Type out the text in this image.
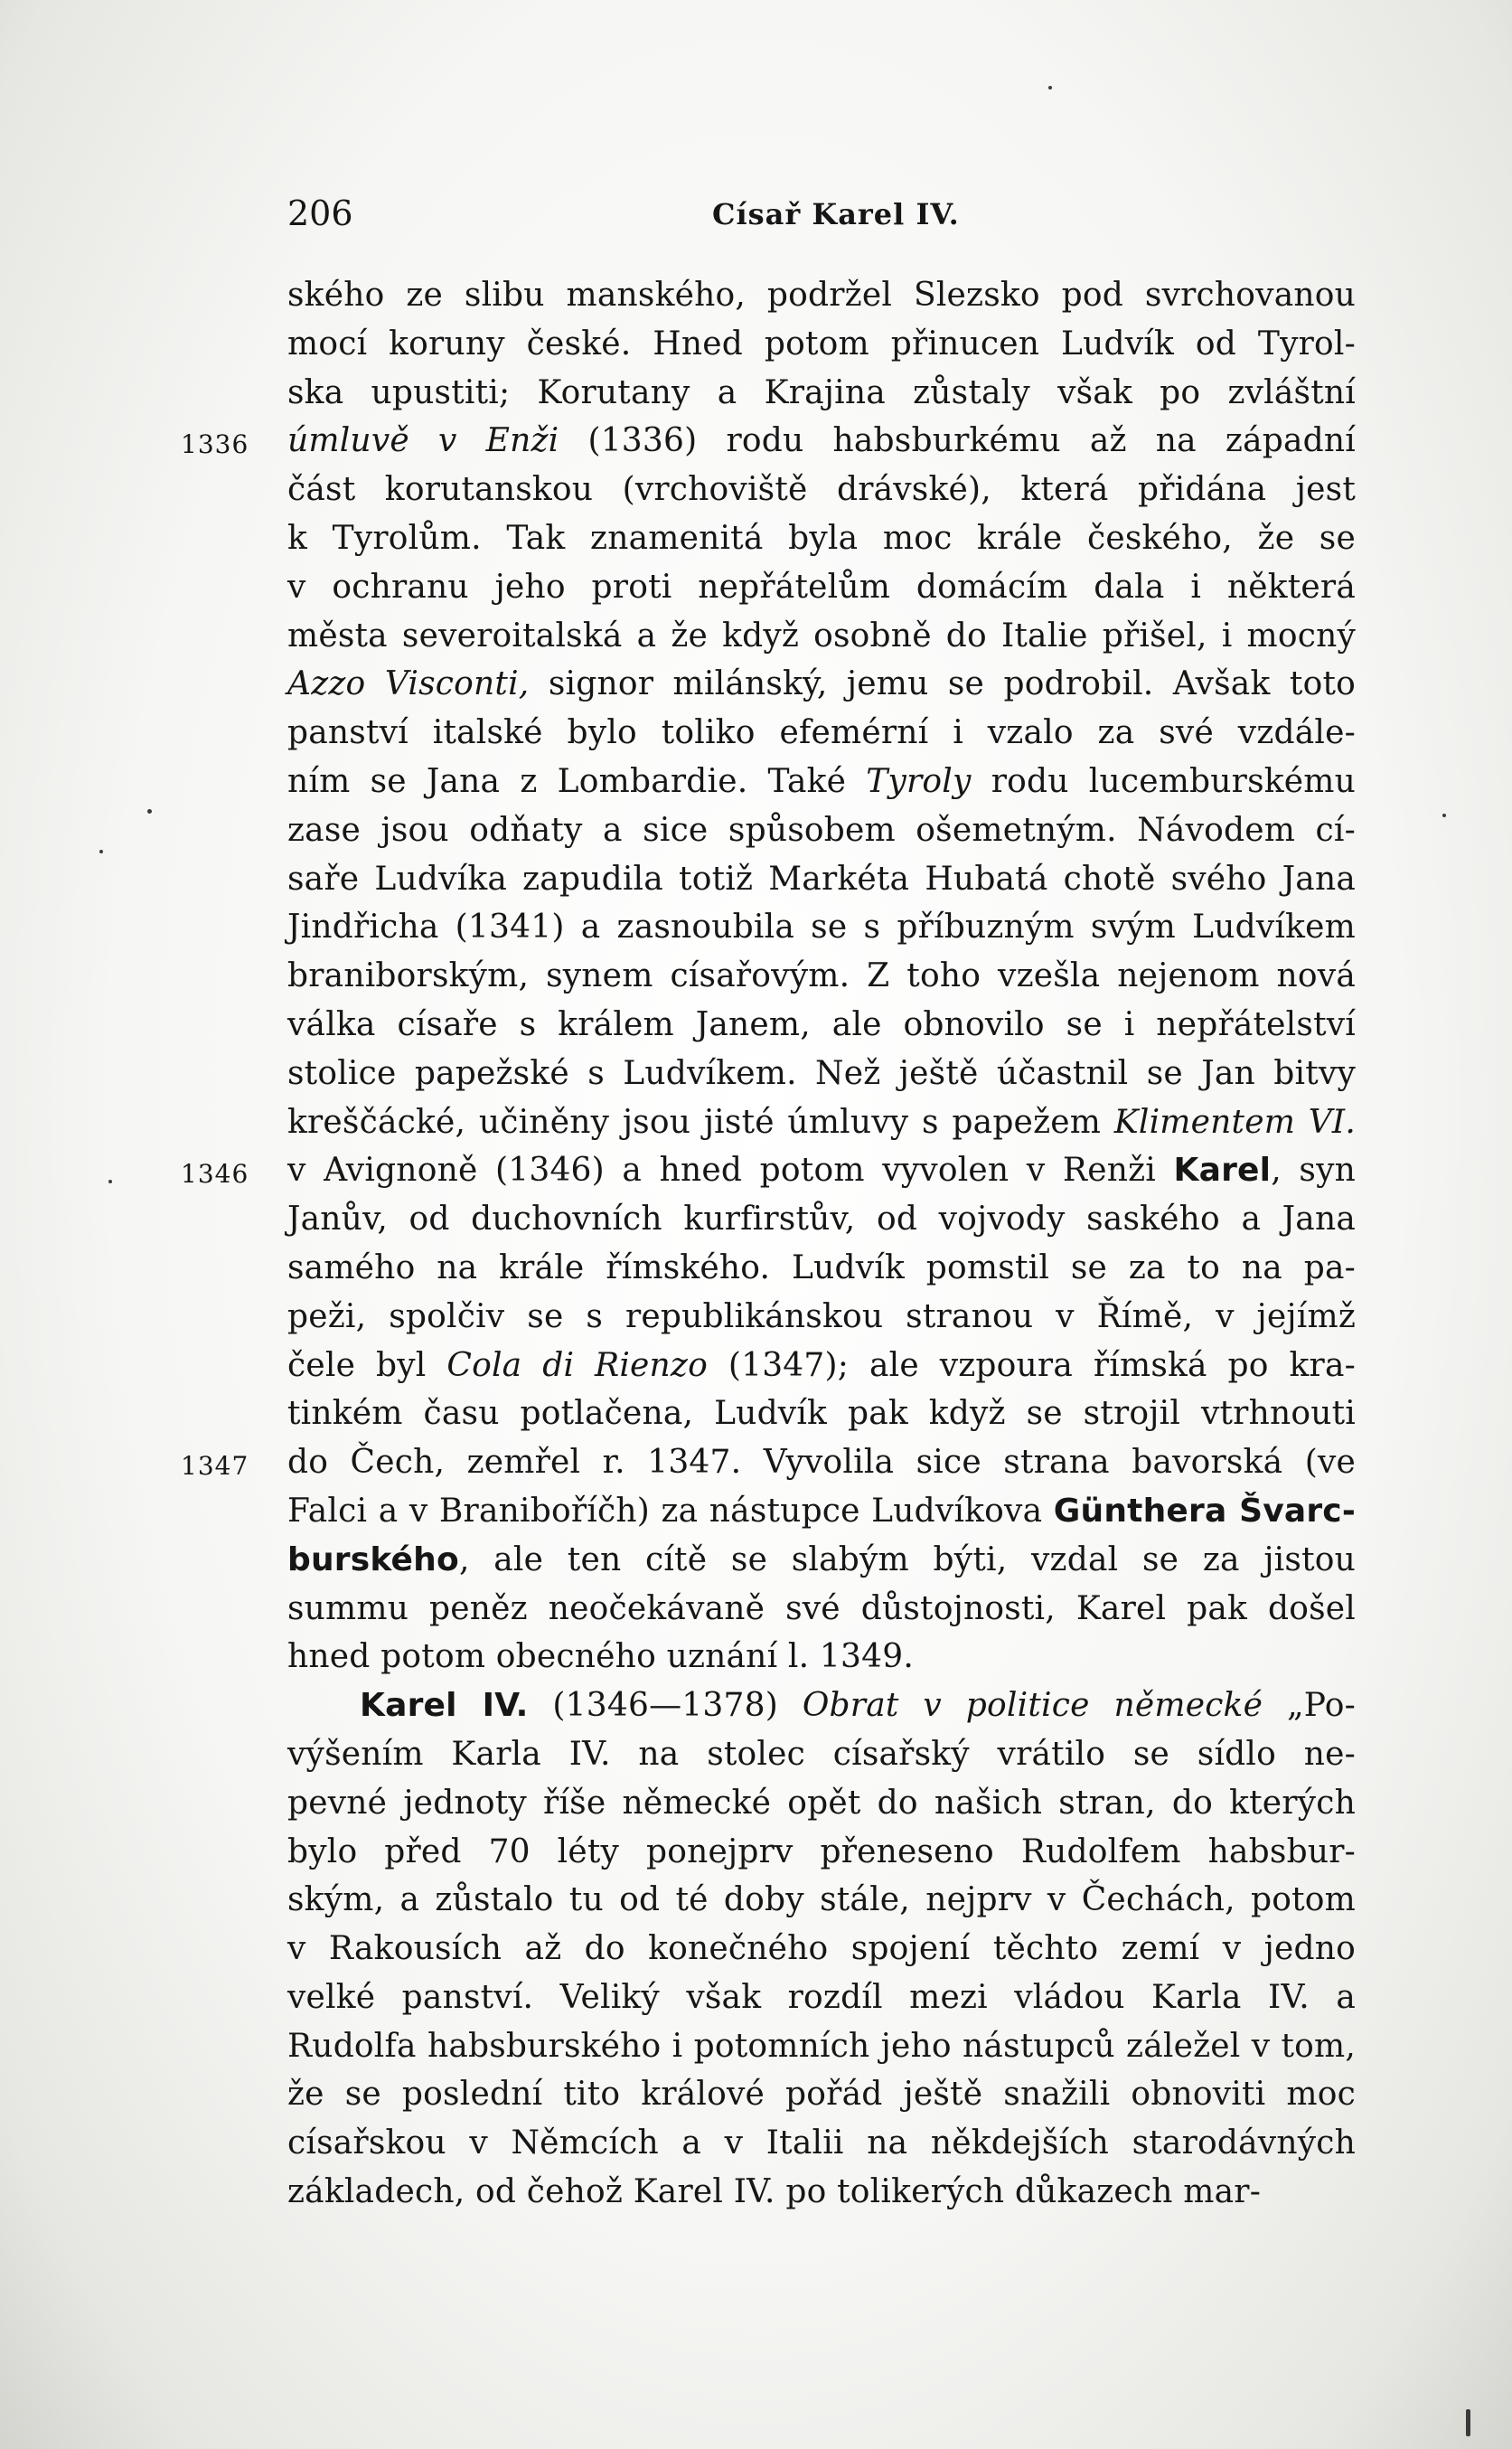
206	Císař Karel IV.
ského ze slibu manského, podržel Slezsko pod svrchovanou
mocí koruny české. Hned potom přinucen Ludvík od Tyrol-
ska upustiti; Korutany a Krajina zůstaly však po zvláštní
1336 úmluvě v Enži (1336) rodu habsburkému až na západní
část korutanskou (vrchoviště drávské), která přidána jest
k Tyrolům. Tak znamenitá byla moc krále českého, že se
v ochranu jeho proti nepřátelům domácím dala i některá
města severoitalská a že když osobně do Italie přišel, i mocný
Azzo Visconti, signor milánský, jemu se podrobil. Avšak toto
panství italské bylo toliko efemérní i vzalo za své vzdále-
ním se Jana z Lombardie. Také Tyroly rodu lucemburskému
zase jsou odňaty a sice spůsobem ošemetným. Návodem cí-
saře Ludvíka zapudila totiž Markéta Hubatá chotě svého Jana
Jindřicha (1341) a zasnoubila se s příbuzným svým Ludvíkem
braniborským, synem císařovým. Z toho vzešla nejenom nová
válka císaře s králem Janem, ale obnovilo se i nepřátelství
stolice papežské s Ludvíkem. Než ještě účastnil se Jan bitvy
kreščácké, učiněny jsou jisté úmluvy s papežem Klimentem VI.
1346 v Avignoně (1346) a hned potom vyvolen v Renži Karel, syn
Janův, od duchovních kurfirstův, od vojvody saského a Jana
samého na krále římského. Ludvík pomstil se za to na pa-
peži, spolčiv se s republikánskou stranou v Římě, v jejímž
čele byl Cola di Rienzo (1347); ale vzpoura římská po kra-
tinkém času potlačena, Ludvík pak když se strojil vtrhnouti
1347 do Čech, zemřel r. 1347. Vyvolila sice strana bavorská (ve
Falci a v Braniboříčh) za nástupce Ludvíkova Günthera Švarc-
burského, ale ten cítě se slabým býti, vzdal se za jistou
summu peněz neočekávaně své důstojnosti, Karel pak došel
hned potom obecného uznání l. 1349.
Karel IV. (1346—1378) Obrat v politice německé „Po-
výšením Karla IV. na stolec císařský vrátilo se sídlo ne-
pevné jednoty říše německé opět do našich stran, do kterých
bylo před 70 léty ponejprv přeneseno Rudolfem habsbur-
ským, a zůstalo tu od té doby stále, nejprv v Čechách, potom
v Rakousích až do konečného spojení těchto zemí v jedno
velké panství. Veliký však rozdíl mezi vládou Karla IV. a
Rudolfa habsburského i potomních jeho nástupců záležel v tom,
že se poslední tito králové pořád ještě snažili obnoviti moc
císařskou v Němcích a v Italii na někdejších starodávných
základech, od čehož Karel IV. po tolikerých důkazech mar-
